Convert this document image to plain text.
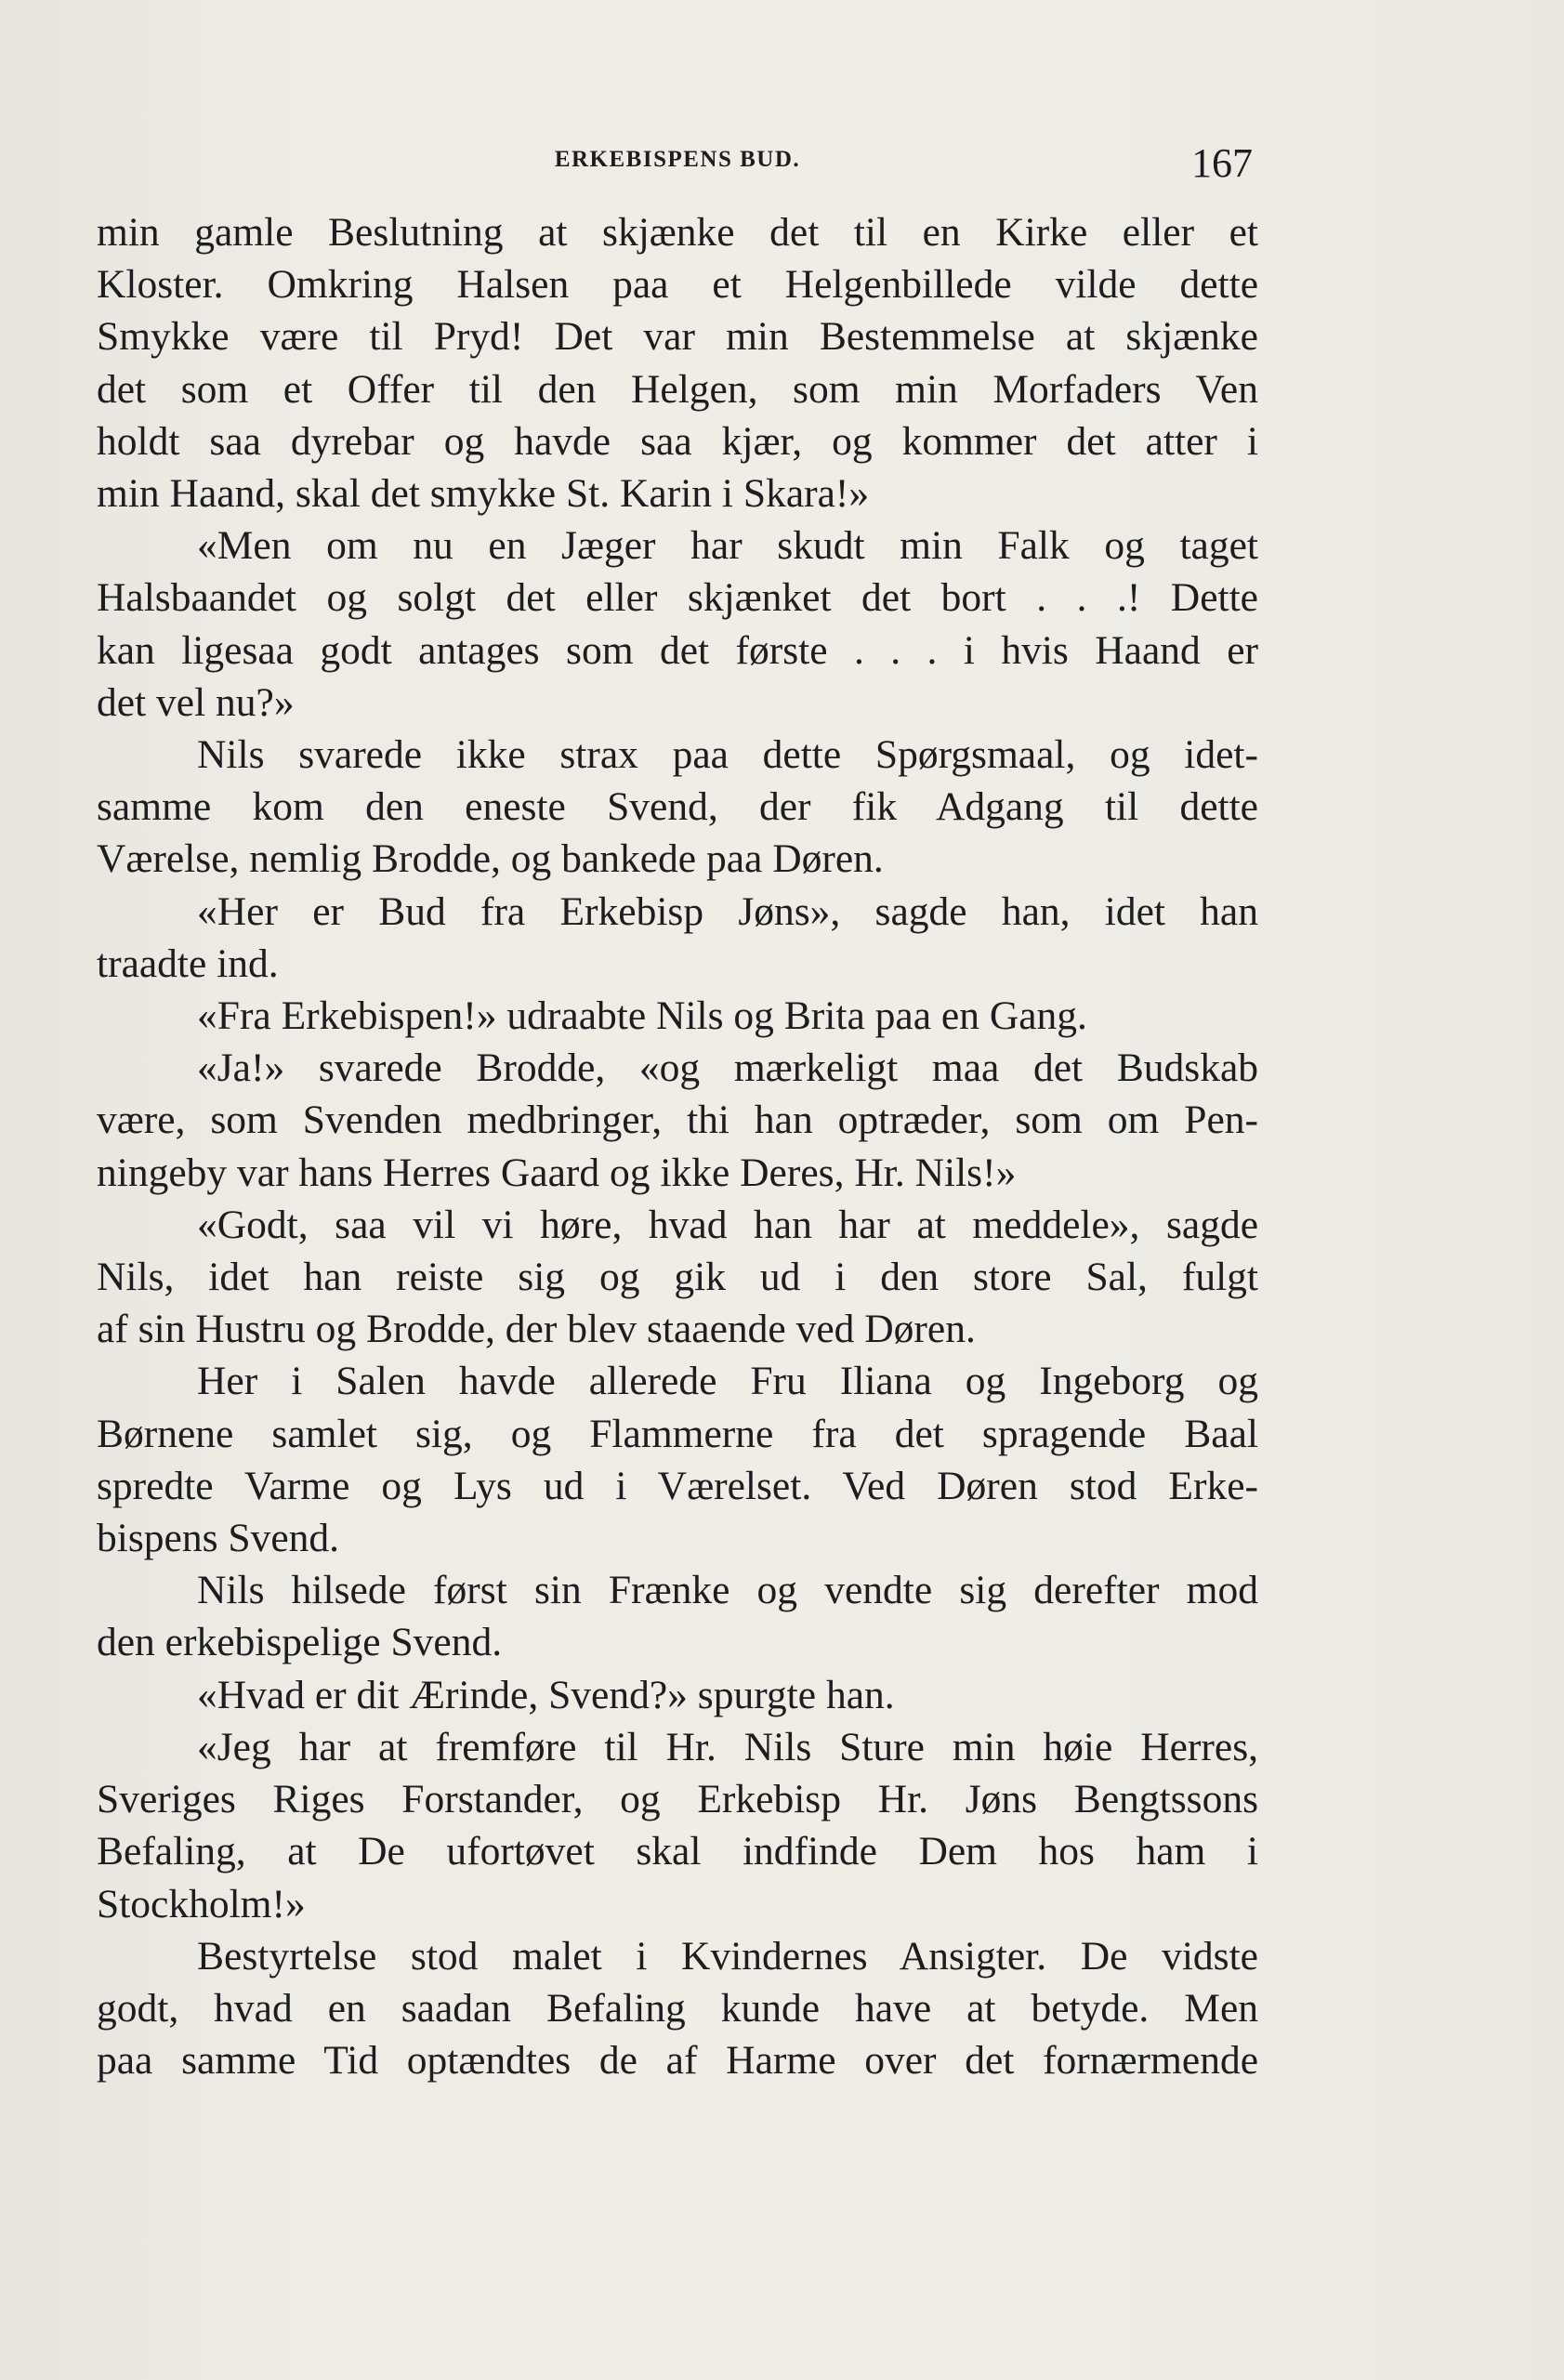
ERKEBISPENS BUD.	167

min gamle Beslutning at skjænke det til en Kirke eller et

Kloster. Omkring Halsen paa et Helgenbillede vilde dette

Smykke være til Pryd! Det var min Bestemmelse at skjænke

det som et Offer til den Helgen, som min Morfaders Ven

holdt saa dyrebar og havde saa kjær, og kommer det atter i

min Haand, skal det smykke St. Karin i Skara!»

«Men om nu en Jæger har skudt min Falk og taget

Halsbaandet og solgt det eller skjænket det bort . . .! Dette

kan ligesaa godt antages som det første . . . i hvis Haand er

det vel nu?»

Nils svarede ikke strax paa dette Spørgsmaal, og idet-

samme kom den eneste Svend, der fik Adgang til dette

Værelse, nemlig Brodde, og bankede paa Døren.

«Her er Bud fra Erkebisp Jøns», sagde han, idet han

traadte ind.

«Fra Erkebispen!» udraabte Nils og Brita paa en Gang.

«Ja!» svarede Brodde, «og mærkeligt maa det Budskab

være, som Svenden medbringer, thi han optræder, som om Pen-

ningeby var hans Herres Gaard og ikke Deres, Hr. Nils!»

«Godt, saa vil vi høre, hvad han har at meddele», sagde

Nils, idet han reiste sig og gik ud i den store Sal, fulgt

af sin Hustru og Brodde, der blev staaende ved Døren.

Her i Salen havde allerede Fru Iliana og Ingeborg og

Børnene samlet sig, og Flammerne fra det spragende Baal

spredte Varme og Lys ud i Værelset. Ved Døren stod Erke-

bispens Svend.

Nils hilsede først sin Frænke og vendte sig derefter mod

den erkebispelige Svend.

«Hvad er dit Ærinde, Svend?» spurgte han.

«Jeg har at fremføre til Hr. Nils Sture min høie Herres,

Sveriges Riges Forstander, og Erkebisp Hr. Jøns Bengtssons

Befaling, at De ufortøvet skal indfinde Dem hos ham i

Stockholm!»

Bestyrtelse stod malet i Kvindernes Ansigter. De vidste

godt, hvad en saadan Befaling kunde have at betyde. Men

paa samme Tid optændtes de af Harme over det fornærmende
